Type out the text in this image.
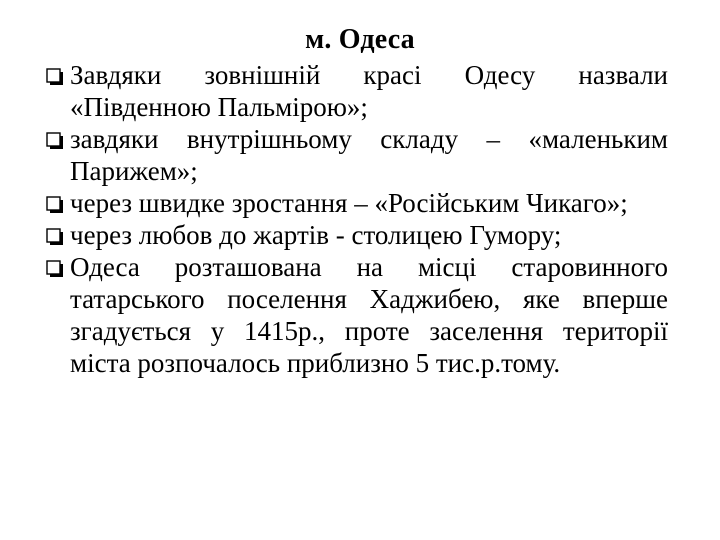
м. Одеса
Завдяки зовнішній красі Одесу назвали «Південною Пальмірою»;
завдяки внутрішньому складу – «маленьким Парижем»;
через швидке зростання – «Російським Чикаго»;
через любов до жартів - столицею Гумору;
Одеса розташована на місці старовинного татарського поселення Хаджибею, яке вперше згадується у 1415р., проте заселення території міста розпочалось приблизно 5 тис.р.тому.
